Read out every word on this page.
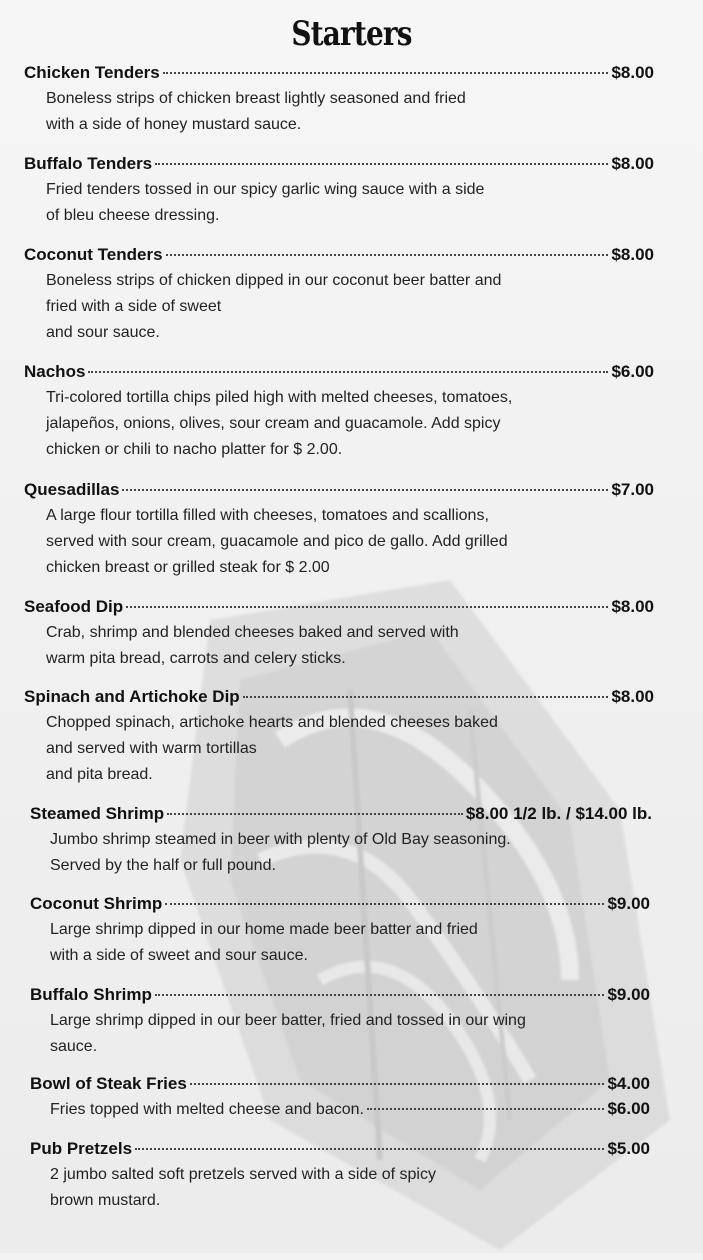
Starters
Chicken Tenders	$8.00
Boneless strips of chicken breast lightly seasoned and fried
with a side of honey mustard sauce.
Buffalo Tenders	$8.00
Fried tenders tossed in our spicy garlic wing sauce with a side
of bleu cheese dressing.
Coconut Tenders	$8.00
Boneless strips of chicken dipped in our coconut beer batter and
fried with a side of sweet
and sour sauce.
Nachos	$6.00
Tri-colored tortilla chips piled high with melted cheeses, tomatoes,
jalapeños, onions, olives, sour cream and guacamole. Add spicy
chicken or chili to nacho platter for $ 2.00.
Quesadillas	$7.00
A large flour tortilla filled with cheeses, tomatoes and scallions,
served with sour cream, guacamole and pico de gallo. Add grilled
chicken breast or grilled steak for $ 2.00
Seafood Dip	$8.00
Crab, shrimp and blended cheeses baked and served with
warm pita bread, carrots and celery sticks.
Spinach and Artichoke Dip	$8.00
Chopped spinach, artichoke hearts and blended cheeses baked
and served with warm tortillas
and pita bread.
Steamed Shrimp	$8.00 1/2 lb. / $14.00 lb.
Jumbo shrimp steamed in beer with plenty of Old Bay seasoning.
Served by the half or full pound.
Coconut Shrimp	$9.00
Large shrimp dipped in our home made beer batter and fried
with a side of sweet and sour sauce.
Buffalo Shrimp	$9.00
Large shrimp dipped in our beer batter, fried and tossed in our wing
sauce.
Bowl of Steak Fries	$4.00
Fries topped with melted cheese and bacon.	$6.00
Pub Pretzels	$5.00
2 jumbo salted soft pretzels served with a side of spicy
brown mustard.
